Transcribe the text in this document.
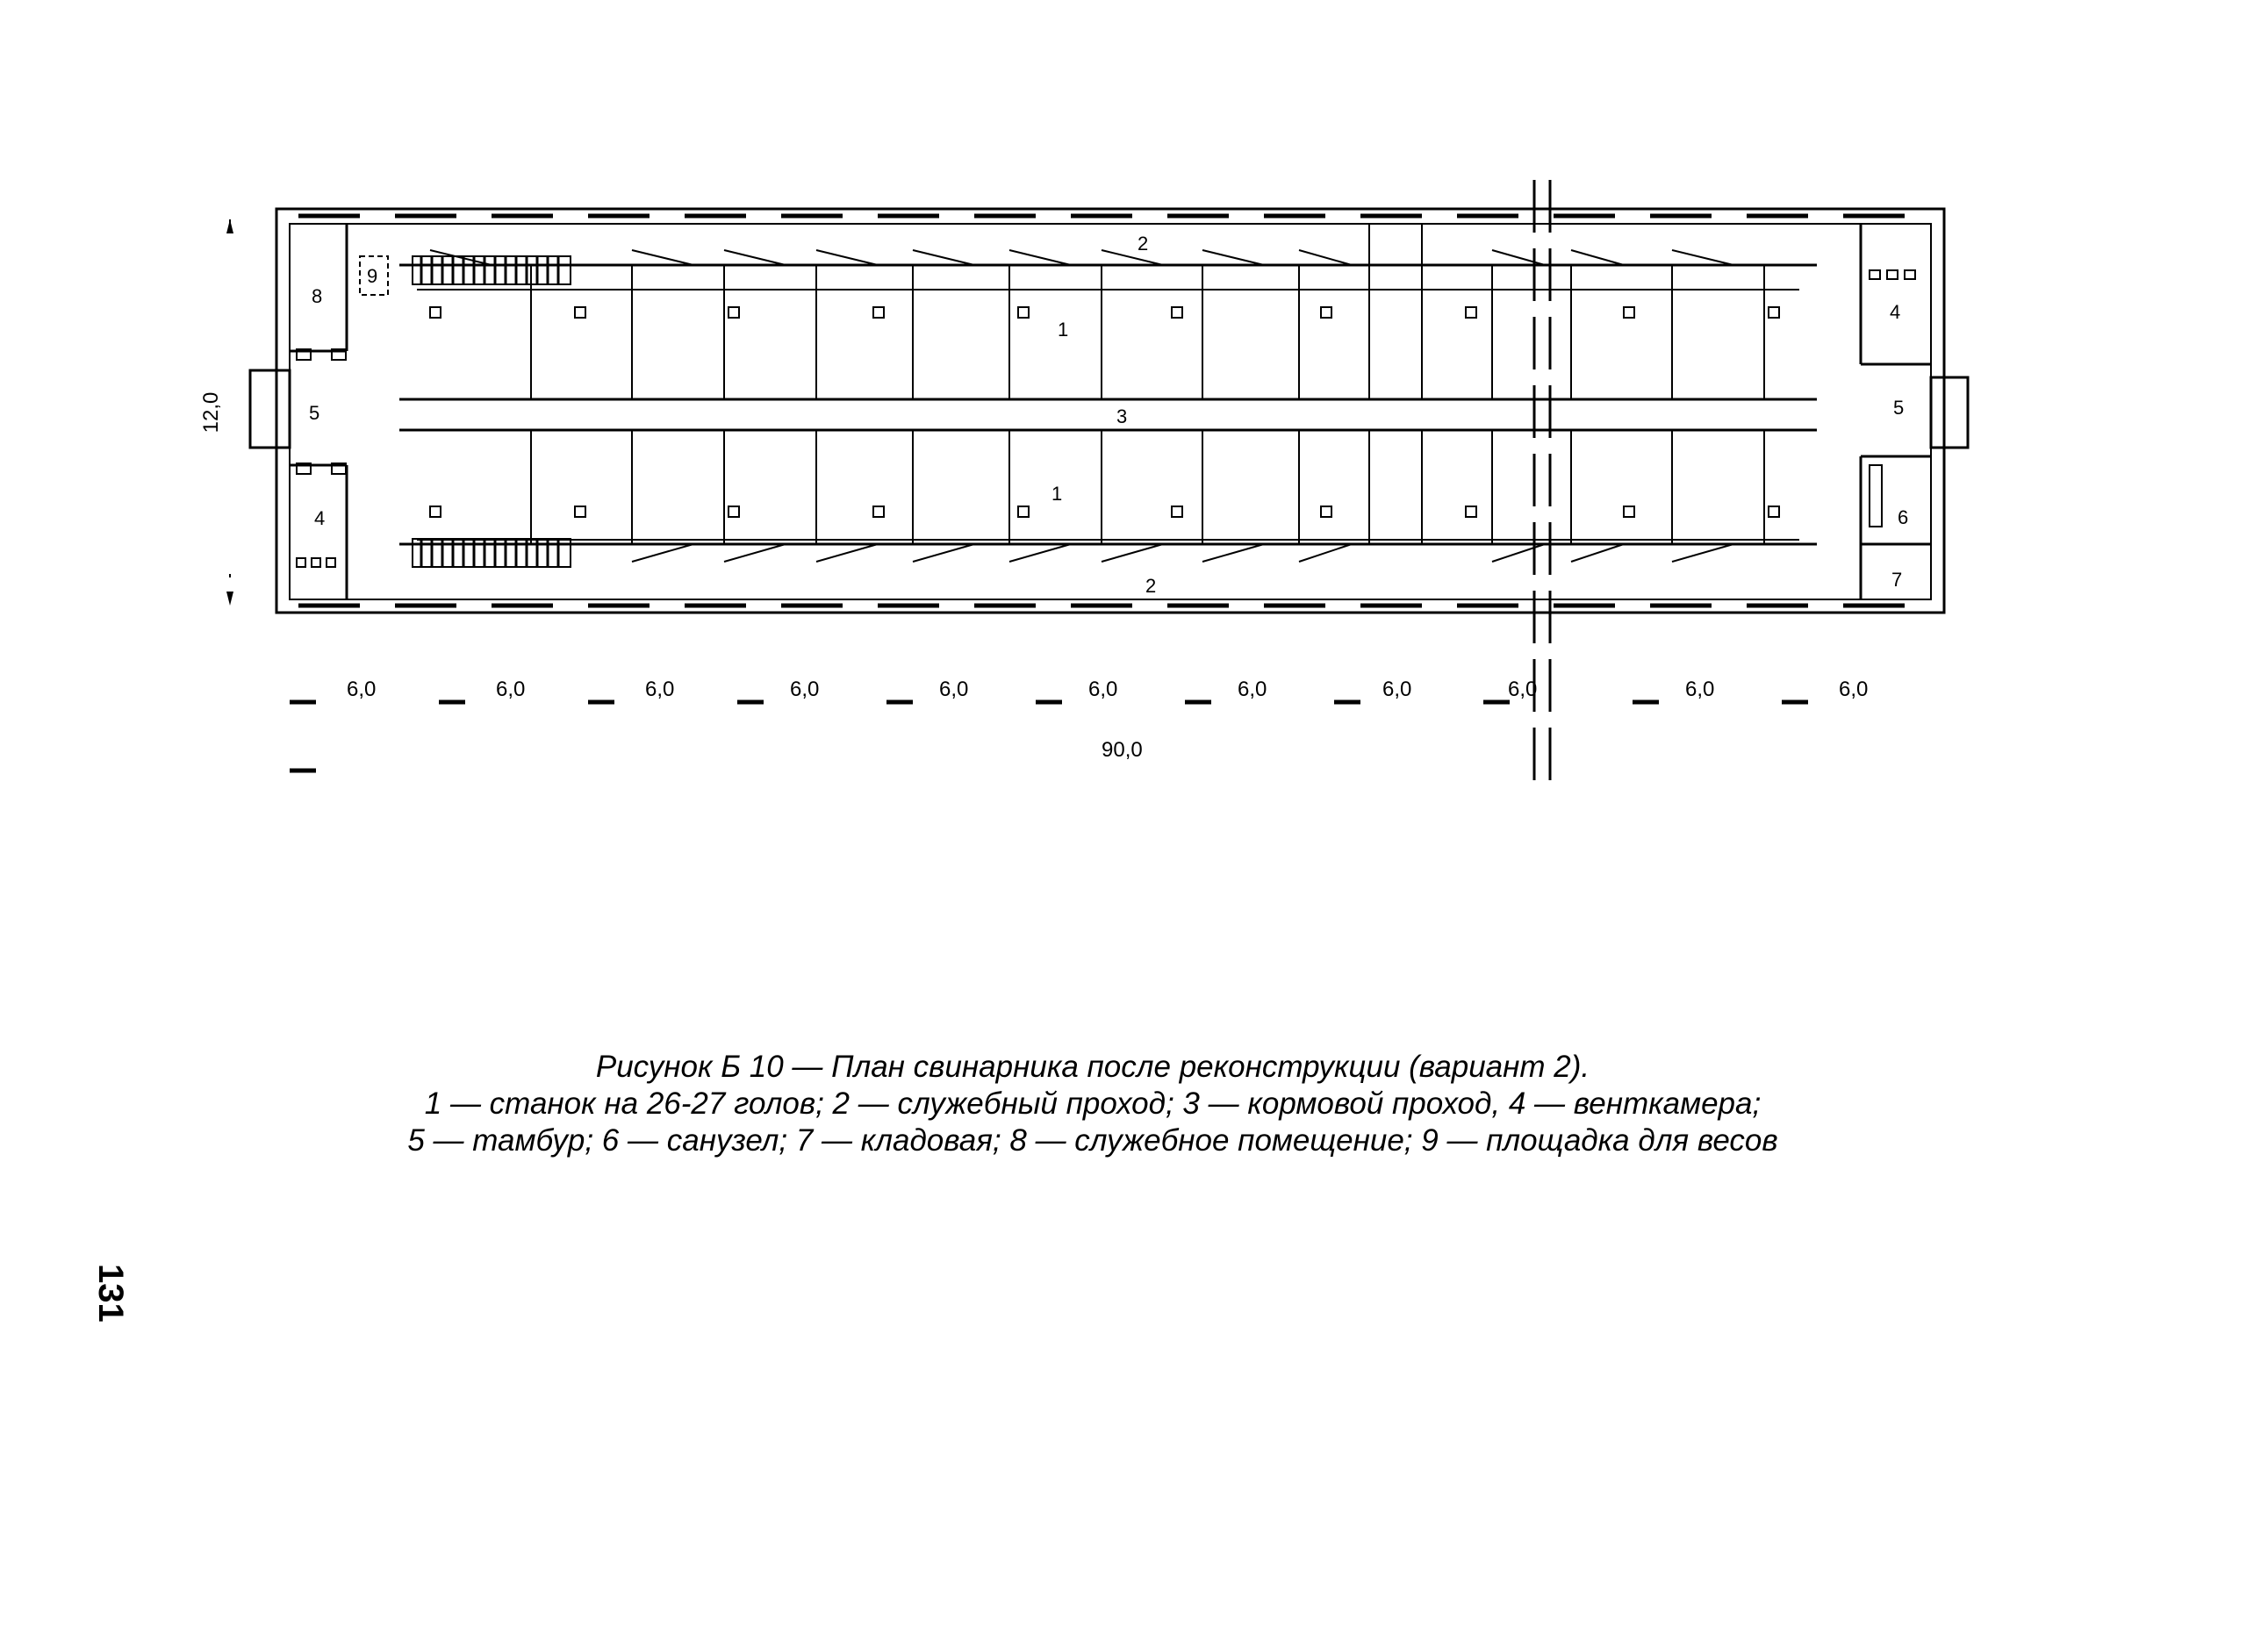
8
9
5
4
2
1
3
1
2
4
5
6
7
12,0
6,0	6,0	6,0	6,0	6,0	6,0	6,0	6,0	6,0	6,0	6,0
90,0
Рисунок Б 10 — План свинарника после реконструкции (вариант 2).
1 — станок на 26-27 голов; 2 — служебный проход; 3 — кормовой проход, 4 — венткамера;
5 — тамбур; 6 — санузел; 7 — кладовая; 8 — служебное помещение; 9 — площадка для весов
131
